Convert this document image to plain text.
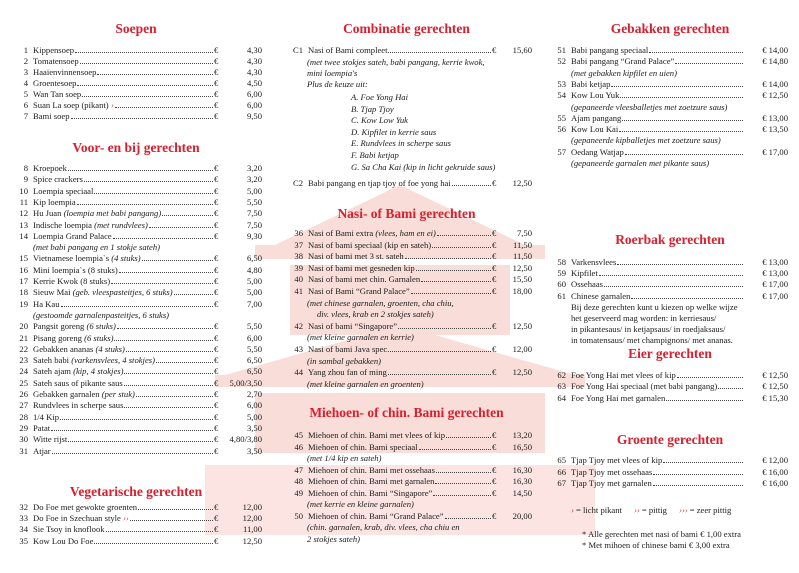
Soepen
1 Kippensoep	€	4,30
2 Tomatensoep	€	4,30
3 Haaienvinnensoep	€	4,30
4 Groentesoep	€	4,50
5 Wan Tan soep	€	6,00
6 Suan La soep (pikant) ›	€	6,00
7 Bami soep	€	9,50
Voor- en bij gerechten
8 Kroepoek	€	3,20
9 Spice crackers	€	3,20
10 Loempia speciaal	€	5,00
11 Kip loempia	€	5,50
12 Hu Juan (loempia met babi pangang)	€	7,50
13 Indische loempia (met rundvlees)	€	7,50
14 Loempia Grand Palace	€	9,30
(met babi pangang en 1 stokje sateh)
15 Vietnamese loempia`s (4 stuks)	€	6,50
16 Mini loempia`s (8 stuks)	€	4,80
17 Kerrie Kwok (8 stuks)	€	5,00
18 Sieuw Mai (geb. vleespasteitjes, 6 stuks)	€	5,00
19 Ha Kau	€	7,00
(gestoomde garnalenpasteitjes, 6 stuks)
20 Pangsit goreng (6 stuks)	€	5,50
21 Pisang goreng (6 stuks)	€	6,00
22 Gebakken ananas (4 stuks)	€	5,50
23 Sateh babi (varkensvlees, 4 stokjes)	€	6,50
24 Sateh ajam (kip, 4 stokjes)	€	6,50
25 Sateh saus of pikante saus	€	5,00/3,50
26 Gebakken garnalen (per stuk)	€	2,70
27 Rundvlees in scherpe saus	€	6,00
28 1/4 Kip	€	5,00
29 Patat	€	3,50
30 Witte rijst	€	4,80/3,80
31 Atjar	€	3,50
Vegetarische gerechten
32 Do Foe met gewokte groenten	€	12,00
33 Do Foe in Szechuan style ››	€	12,00
34 Sie Tsoy in knoflook	€	11,00
35 Kow Lou Do Foe	€	12,50
Combinatie gerechten
C1 Nasi of Bami compleet	€	15,60
(met twee stokjes sateh, babi pangang, kerrie kwok,
mini loempia's
Plus de keuze uit:
A. Foe Yong Hai
B. Tjap Tjoy
C. Kow Low Yuk
D. Kipfilet in kerrie saus
E. Rundvlees in scherpe saus
F. Babi ketjap
G. Sa Cha Kai (kip in licht gekruide saus)
C2 Babi pangang en tjap tjoy of foe yong hai	€	12,50
Nasi- of Bami gerechten
36 Nasi of Bami extra (vlees, ham en ei)	€	7,50
37 Nasi of bami speciaal (kip en sateh)	€	11,50
38 Nasi of bami met 3 st. sateh	€	11,50
39 Nasi of bami met gesneden kip	€	12,50
40 Nasi of bami met chin. Garnalen	€	15,50
41 Nasi of Bami “Grand Palace”	€	18,00
(met chinese garnalen, groenten, cha chiu,
div. vlees, krab en 2 stokjes sateh)
42 Nasi of bami “Singapore”	€	12,50
(met kleine garnalen en kerrie)
43 Nasi of bami Java spec.	€	12,00
(in sambal gebakken)
44 Yang zhou fan of ming	€	12,50
(met kleine garnalen en groenten)
Miehoen- of chin. Bami gerechten
45 Miehoen of chin. Bami met vlees of kip	€	13,20
46 Miehoen of chin. Bami speciaal	€	16,50
(met 1/4 kip en sateh)
47 Miehoen of chin. Bami met ossehaas	€	16,30
48 Miehoen of chin. Bami met garnalen	€	16,30
49 Miehoen of chin. Bami “Singapore”	€	14,50
(met kerrie en kleine garnalen)
50 Miehoen of chin. Bami “Grand Palace”	€	20,00
(chin. garnalen, krab, div. vlees, cha chiu en
2 stokjes sateh)
Gebakken gerechten
51 Babi pangang speciaal	€ 14,00
52 Babi pangang “Grand Palace”	€ 14,80
(met gebakken kipfilet en uien)
53 Babi ketjap	€ 14,00
54 Kow Lou Yuk	€ 12,50
(gepaneerde vleesballetjes met zoetzure saus)
55 Ajam pangang	€ 13,00
56 Kow Lou Kai	€ 13,50
(gepaneerde kipballetjes met zoetzure saus)
57 Oedang Watjap	€ 17,00
(gepaneerde garnalen met pikante saus)
Roerbak gerechten
58 Varkensvlees	€ 13,00
59 Kipfilet	€ 13,00
60 Ossehaas	€ 17,00
61 Chinese garnalen	€ 17,00
Bij deze gerechten kunt u kiezen op welke wijze
het geserveerd mag worden: in kerriesaus/
in pikantesaus/ in ketjapsaus/ in roedjaksaus/
in tomatensaus/ met champignons/ met ananas.
Eier gerechten
62 Foe Yong Hai met vlees of kip	€ 12,50
63 Foe Yong Hai speciaal (met babi pangang)	€ 12,50
64 Foe Yong Hai met garnalen	€ 15,30
Groente gerechten
65 Tjap Tjoy met vlees of kip	€ 12,00
66 Tjap Tjoy met ossehaas	€ 16,00
67 Tjap Tjoy met garnalen	€ 16,00
› = licht pikant ›› = pittig ››› = zeer pittig
* Alle gerechten met nasi of bami € 1,00 extra
* Met mihoen of chinese bami € 3,00 extra
